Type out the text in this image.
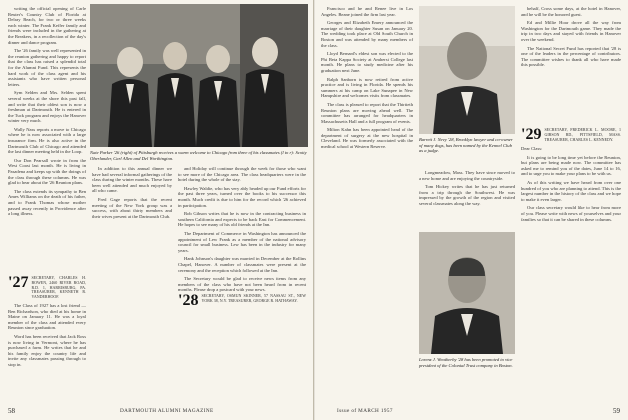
writing the official opening of Carle Reuter's Country Club of Florida at Delray Beach, for two or three weeks each winter. The Frank Keffer family and friends were included in the gathering at the Breakers, in a recollection of the day's dinner and dance program.

The '26 family was well represented in the reunion gathering and happy to report that the class has raised a splendid total for the Alumni Fund. This represents the hard work of the class agent and his assistants who have written personal letters.

Sym Selden and Mrs. Selden spent several weeks at the shore this past fall, and write that their oldest son is now a freshman at Dartmouth. He is entered in the Tuck program and enjoys the Hanover winter very much.

Wally Nass reports a move to Chicago where he is now associated with a large insurance firm. He is also active in the Dartmouth Club of Chicago and attended the last dinner meeting held in the Loop.

Our Don Pearsall wrote in from the West Coast last month. He is living in Pasadena and keeps up with the doings of the class through these columns. He was glad to hear about the '26 Reunion plans.

The class extends its sympathy to Ben Ames Williams on the death of his father, and to Frank Thomas whose mother passed away recently in Providence after a long illness.

Nate Parker '26 (right) of Pittsburgh receives a warm welcome to Chicago from three of his classmates (l to r): Scotty Oberlander, Carl Allen and Del Worthington.

and Holiday will continue through the week for those who want to see more of the Chicago area. The class headquarters were in the hotel during the whole of the stay.

Hawley Waldie, who has very ably headed up our Fund efforts for the past three years, turned over the books to his successor this month. Much credit is due to him for the record which '26 achieved in participation.

Bob Gibson writes that he is now in the contracting business in southern California and expects to be back East for Commencement. He hopes to see many of his old friends at the Inn.

The Department of Commerce in Washington has announced the appointment of Lew Frank as a member of the national advisory council for small business. Lew has been in the industry for many years.

Hank Johnson's daughter was married in December at the Rollins Chapel, Hanover. A number of classmates were present at the ceremony and the reception which followed at the Inn.

The Secretary would be glad to receive news items from any members of the class who have not been heard from in recent months. Please drop a postcard with your news.

In addition to this annual dinner we have had several informal gatherings of the class during the winter months. These have been well attended and much enjoyed by all who came.

Fred Gage reports that the recent meeting of the New York group was a success, with about thirty members and their wives present at the Dartmouth Club.

'27 SECRETARY, CHARLES H. BOWEN, 2460 RIVER ROAD, R.D. 1, HARRISBURG, PA. TREASURER, KENNETH R. VANDERHOOF.

The Class of 1927 has a lost friend — Ben Richardson, who died at his home in Maine on January 11. He was a loyal member of the class and attended every Reunion since graduation.

Word has been received that Jack Ross is now living in Vermont, where he has purchased a farm. He writes that he and his family enjoy the country life and invite any classmates passing through to stop in.

'28 SECRETARY, OSMUN SKINNER, 57 NASSAU ST., NEW YORK 38, N.Y. TREASURER, GEORGE R. HATHAWAY.
58	DARTMOUTH ALUMNI MAGAZINE

Francisco and he and Renee live in Los Angeles. Beane joined the firm last year.

Georges and Elizabeth Emery announced the marriage of their daughter Susan on January 20. The wedding took place at Old South Church in Boston and was attended by many members of the class.

Lloyd Bernard's eldest son was elected to the Phi Beta Kappa Society at Amherst College last month. He plans to study medicine after his graduation next June.

Ralph Sanborn is now retired from active practice and is living in Florida. He spends his summers at his camp on Lake Sunapee in New Hampshire and welcomes visits from classmates.

The class is pleased to report that the Thirtieth Reunion plans are moving ahead well. The committee has arranged for headquarters in Massachusetts Hall and a full program of events.

Milton Kahn has been appointed head of the department of surgery at the new hospital in Cleveland. He was formerly associated with the medical school at Western Reserve.

Barrett J. Nevy '28, Brooklyn lawyer and co-owner of many dogs, has been named by the Kennel Club as a judge.

Longmeadow, Mass. They have since moved to a new home and are enjoying the countryside.

Tom Hickey writes that he has just returned from a trip through the Southwest. He was impressed by the growth of the region and visited several classmates along the way.

Lorenz J. Weatherby '28 has been promoted to vice president of the Colonial Trust company in Boston.

behalf, Cross some days, at the hotel in Hanover, and he will be the honored guest.

Ed and Millie Hoar drove all the way from Washington for the Dartmouth game. They made the trip in two days and stayed with friends in Hanover over the weekend.

The National Secret Fund has reported that '28 is one of the leaders in the percentage of contributors. The committee wishes to thank all who have made this possible.

'29 SECRETARY, FREDERICK L. MOORE, 1 GIBSON RD., PITTSFIELD, MASS. TREASURER, CHARLES L. KENNEDY.

Dear Class:

It is going to be long time yet before the Reunion, but plans are being made now. The committee has asked me to remind you of the dates, June 14 to 16, and to urge you to make your plans to be with us.

As of this writing we have heard from over one hundred of you who are planning to attend. This is the largest number in the history of the class and we hope to make it even larger.

Our class secretary would like to hear from more of you. Please write with news of yourselves and your families so that it can be shared in these columns.

Issue of MARCH 1957	59
